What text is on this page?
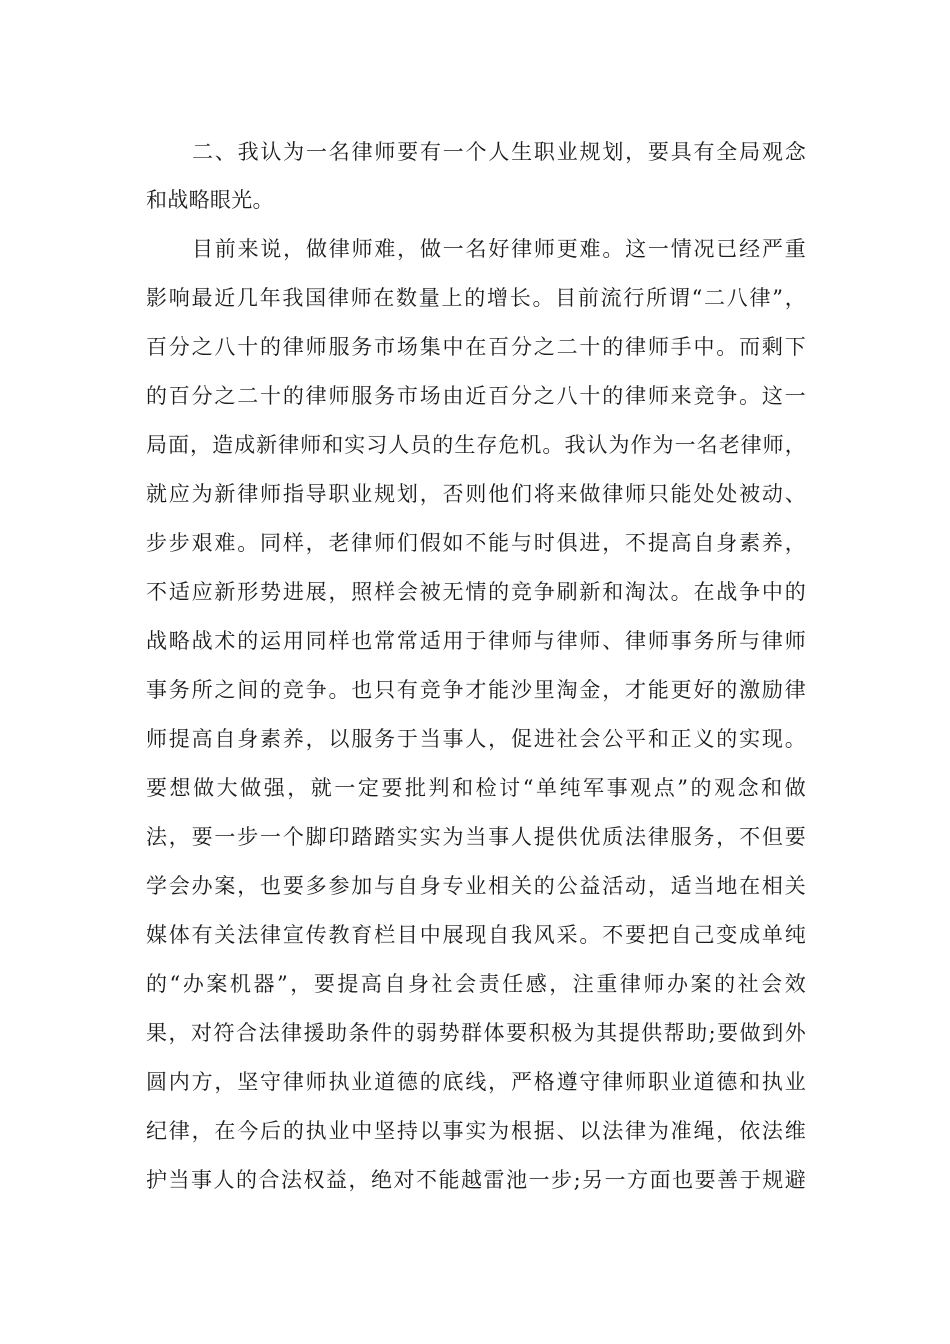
二、我认为一名律师要有一个人生职业规划，要具有全局观念
和战略眼光。
目前来说，做律师难，做一名好律师更难。这一情况已经严重
影响最近几年我国律师在数量上的增长。目前流行所谓“二八律”，
百分之八十的律师服务市场集中在百分之二十的律师手中。而剩下
的百分之二十的律师服务市场由近百分之八十的律师来竞争。这一
局面，造成新律师和实习人员的生存危机。我认为作为一名老律师，
就应为新律师指导职业规划，否则他们将来做律师只能处处被动、
步步艰难。同样，老律师们假如不能与时俱进，不提高自身素养，
不适应新形势进展，照样会被无情的竞争刷新和淘汰。在战争中的
战略战术的运用同样也常常适用于律师与律师、律师事务所与律师
事务所之间的竞争。也只有竞争才能沙里淘金，才能更好的激励律
师提高自身素养，以服务于当事人，促进社会公平和正义的实现。
要想做大做强，就一定要批判和检讨“单纯军事观点”的观念和做
法，要一步一个脚印踏踏实实为当事人提供优质法律服务，不但要
学会办案，也要多参加与自身专业相关的公益活动，适当地在相关
媒体有关法律宣传教育栏目中展现自我风采。不要把自己变成单纯
的“办案机器”，要提高自身社会责任感，注重律师办案的社会效
果，对符合法律援助条件的弱势群体要积极为其提供帮助;要做到外
圆内方，坚守律师执业道德的底线，严格遵守律师职业道德和执业
纪律，在今后的执业中坚持以事实为根据、以法律为准绳，依法维
护当事人的合法权益，绝对不能越雷池一步;另一方面也要善于规避
